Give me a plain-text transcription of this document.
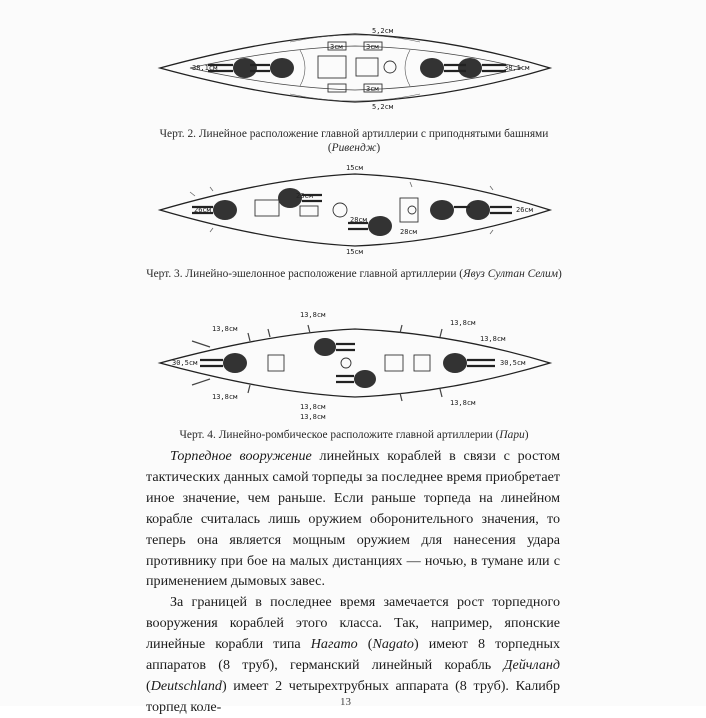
38,1см	38,1см
5,2см
5,2см
3см	3см
3см
Черт. 2. Линейное расположение главной артиллерии с приподнятыми башнями (Ривендж)
15см
15см
26см
28см
26см
28см
28см
Черт. 3. Линейно-эшелонное расположение главной артиллерии (Явуз Султан Селим)
13,8см
13,8см
13,8см
13,8см
13,8см
13,8см	13,8см
13,8см
30,5см	30,5см
Черт. 4. Линейно-ромбическое расположите главной артиллерии (Пари)

Торпедное вооружение линейных кораблей в связи с ростом тактических данных самой торпеды за последнее время приобретает иное значение, чем раньше. Если раньше торпеда на линейном корабле считалась лишь оружием оборонительного значения, то теперь она является мощным оружием для нанесения удара противнику при бое на малых дистанциях — ночью, в тумане или с применением дымовых завес.

За границей в последнее время замечается рост торпедного вооружения кораблей этого класса. Так, например, японские линейные корабли типа Нагато (Nagato) имеют 8 торпедных аппаратов (8 труб), германский линейный корабль Дейчланд (Deutschland) имеет 2 четырехтрубных аппарата (8 труб). Калибр торпед коле-	13
